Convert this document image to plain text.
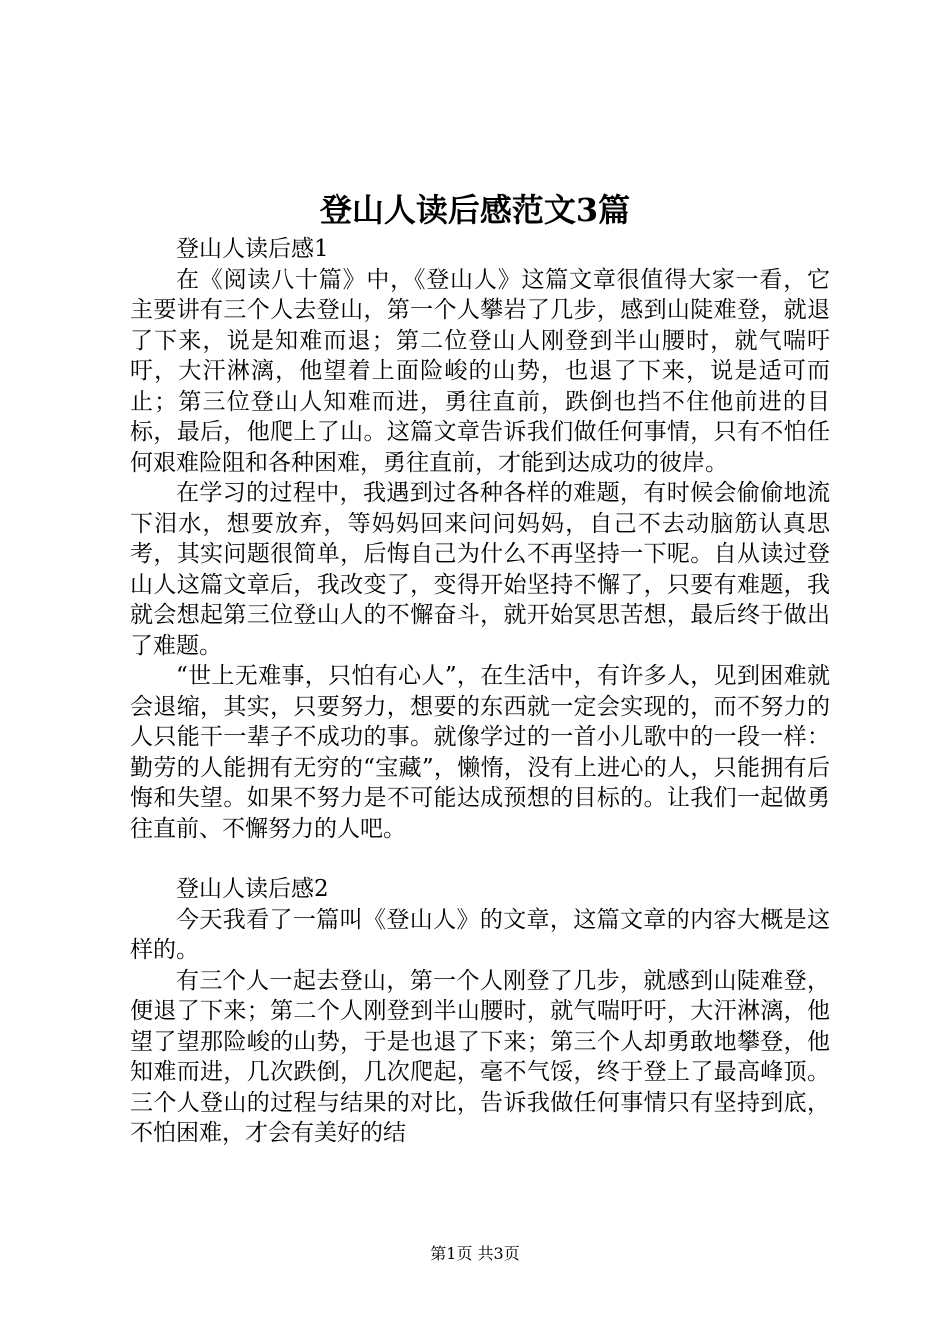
登山人读后感范文3篇
登山人读后感1

在《阅读八十篇》中，《登山人》这篇文章很值得大家一看，它主要讲有三个人去登山，第一个人攀岩了几步，感到山陡难登，就退了下来，说是知难而退；第二位登山人刚登到半山腰时，就气喘吁吁，大汗淋漓，他望着上面险峻的山势，也退了下来，说是适可而止；第三位登山人知难而进，勇往直前，跌倒也挡不住他前进的目标，最后，他爬上了山。这篇文章告诉我们做任何事情，只有不怕任何艰难险阻和各种困难，勇往直前，才能到达成功的彼岸。

在学习的过程中，我遇到过各种各样的难题，有时候会偷偷地流下泪水，想要放弃，等妈妈回来问问妈妈，自己不去动脑筋认真思考，其实问题很简单，后悔自己为什么不再坚持一下呢。自从读过登山人这篇文章后，我改变了，变得开始坚持不懈了，只要有难题，我就会想起第三位登山人的不懈奋斗，就开始冥思苦想，最后终于做出了难题。

“世上无难事，只怕有心人”，在生活中，有许多人，见到困难就会退缩，其实，只要努力，想要的东西就一定会实现的，而不努力的人只能干一辈子不成功的事。就像学过的一首小儿歌中的一段一样：勤劳的人能拥有无穷的“宝藏”，懒惰，没有上进心的人，只能拥有后悔和失望。如果不努力是不可能达成预想的目标的。让我们一起做勇往直前、不懈努力的人吧。

登山人读后感2

今天我看了一篇叫《登山人》的文章，这篇文章的内容大概是这样的。

有三个人一起去登山，第一个人刚登了几步，就感到山陡难登，便退了下来；第二个人刚登到半山腰时，就气喘吁吁，大汗淋漓，他望了望那险峻的山势，于是也退了下来；第三个人却勇敢地攀登，他知难而进，几次跌倒，几次爬起，毫不气馁，终于登上了最高峰顶。三个人登山的过程与结果的对比，告诉我做任何事情只有坚持到底，不怕困难，才会有美好的结

第1页 共3页
